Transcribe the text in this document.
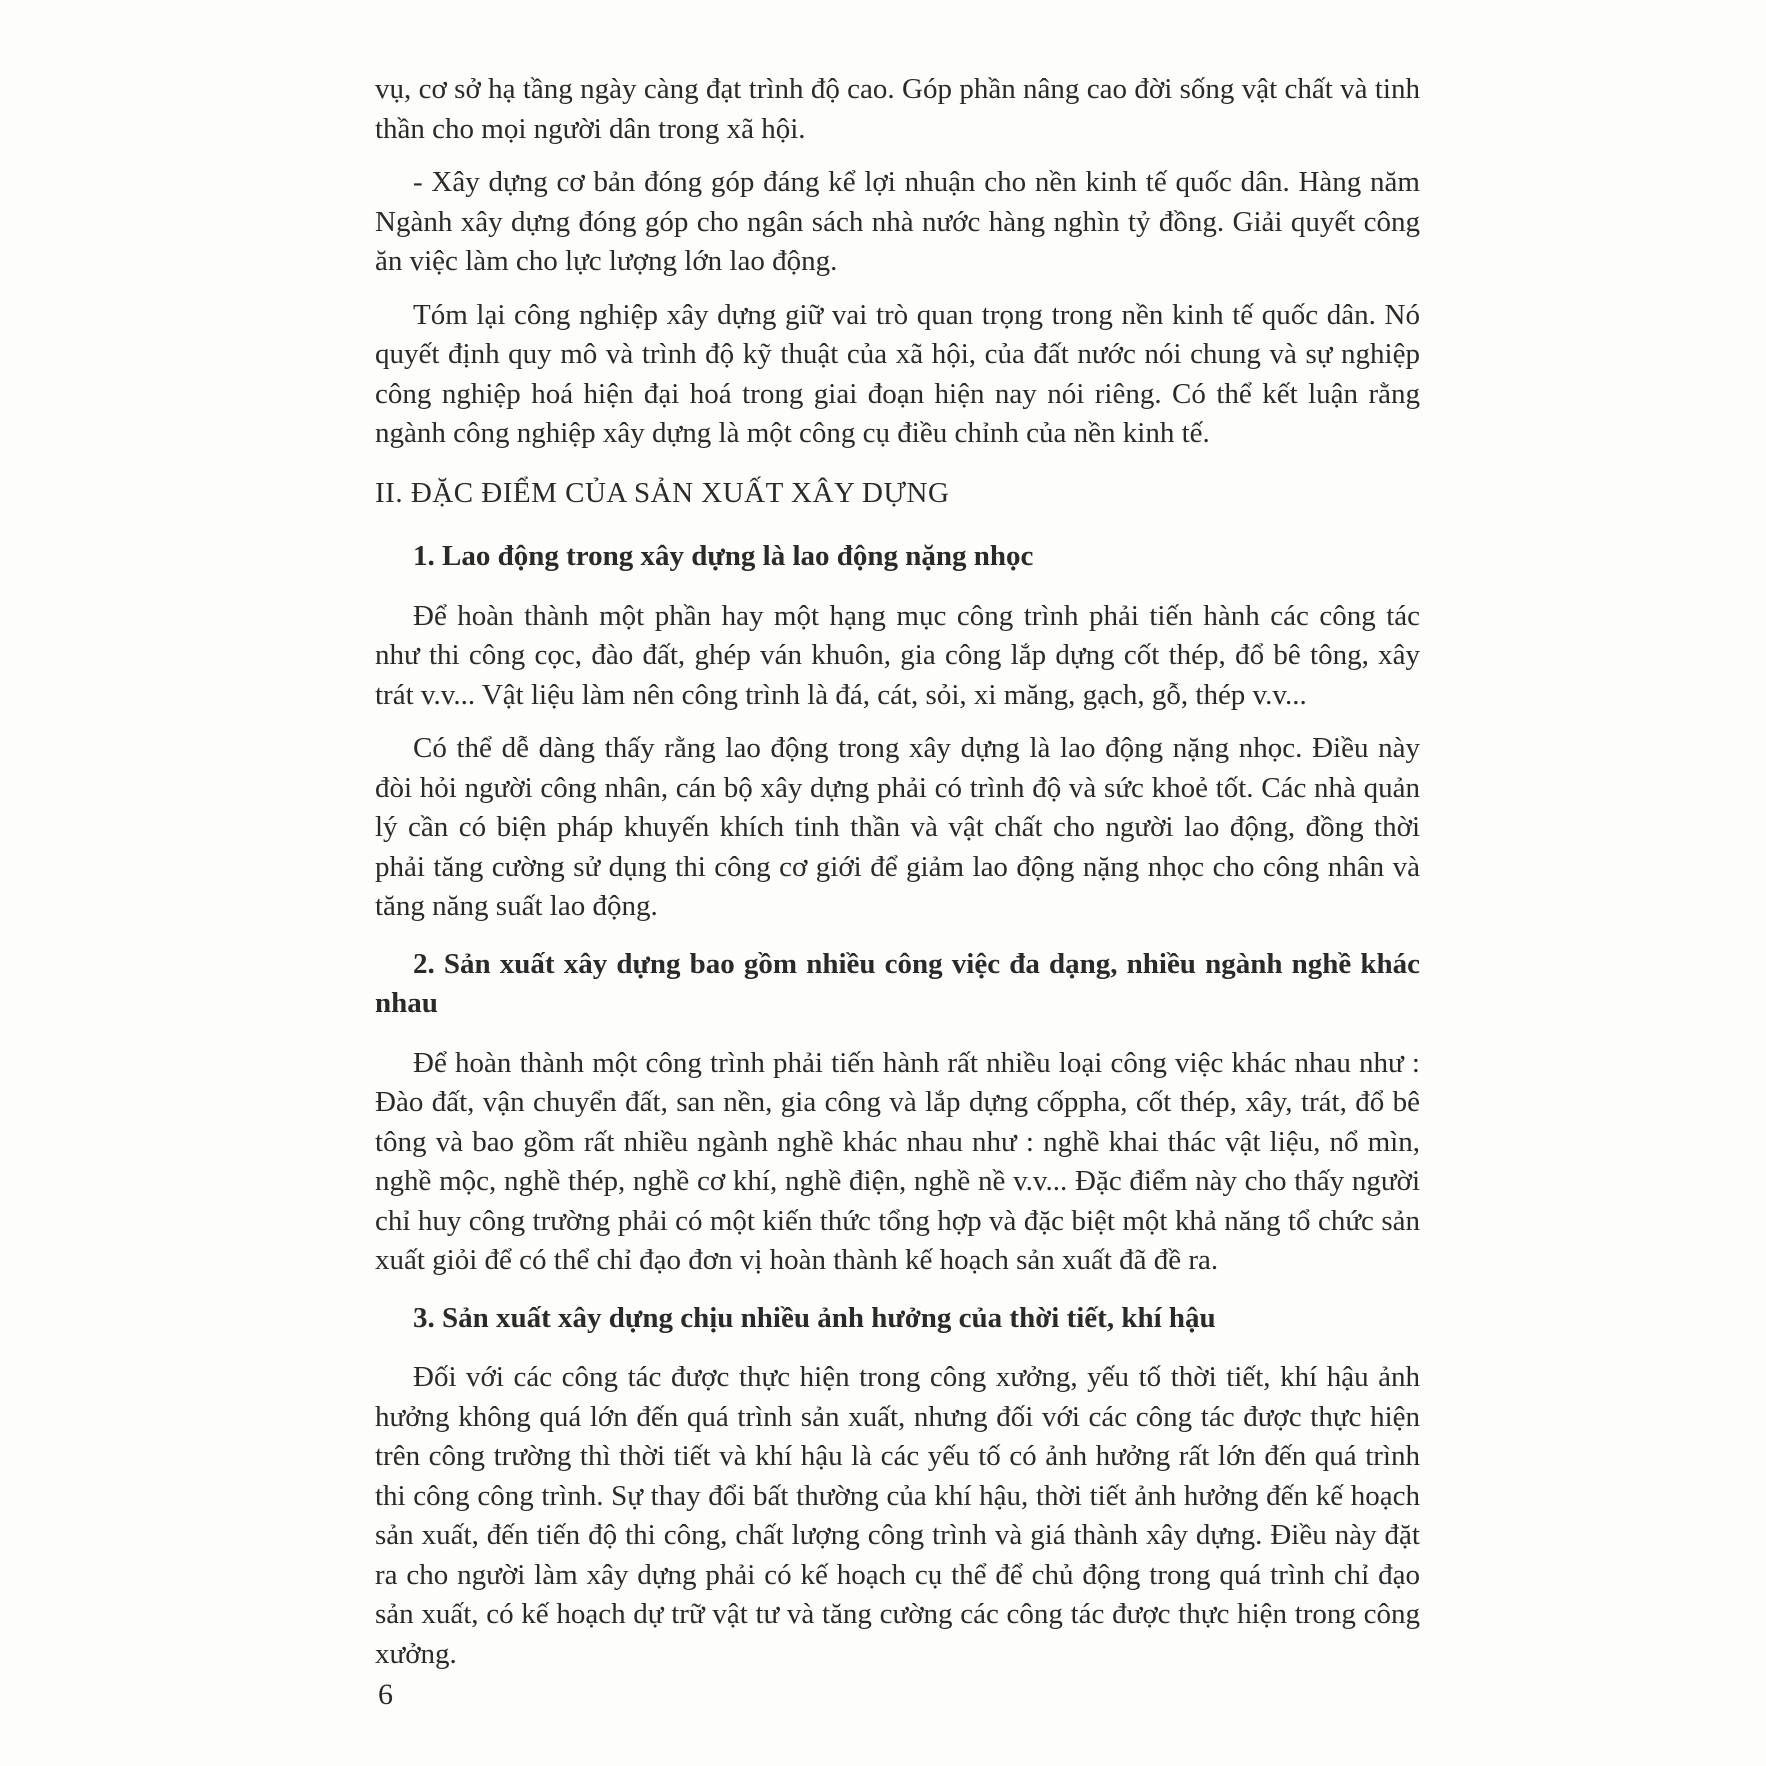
vụ, cơ sở hạ tầng ngày càng đạt trình độ cao. Góp phần nâng cao đời sống vật chất và tinh thần cho mọi người dân trong xã hội.

- Xây dựng cơ bản đóng góp đáng kể lợi nhuận cho nền kinh tế quốc dân. Hàng năm Ngành xây dựng đóng góp cho ngân sách nhà nước hàng nghìn tỷ đồng. Giải quyết công ăn việc làm cho lực lượng lớn lao động.

Tóm lại công nghiệp xây dựng giữ vai trò quan trọng trong nền kinh tế quốc dân. Nó quyết định quy mô và trình độ kỹ thuật của xã hội, của đất nước nói chung và sự nghiệp công nghiệp hoá hiện đại hoá trong giai đoạn hiện nay nói riêng. Có thể kết luận rằng ngành công nghiệp xây dựng là một công cụ điều chỉnh của nền kinh tế.

II. ĐẶC ĐIỂM CỦA SẢN XUẤT XÂY DỰNG

1. Lao động trong xây dựng là lao động nặng nhọc

Để hoàn thành một phần hay một hạng mục công trình phải tiến hành các công tác như thi công cọc, đào đất, ghép ván khuôn, gia công lắp dựng cốt thép, đổ bê tông, xây trát v.v... Vật liệu làm nên công trình là đá, cát, sỏi, xi măng, gạch, gỗ, thép v.v...

Có thể dễ dàng thấy rằng lao động trong xây dựng là lao động nặng nhọc. Điều này đòi hỏi người công nhân, cán bộ xây dựng phải có trình độ và sức khoẻ tốt. Các nhà quản lý cần có biện pháp khuyến khích tinh thần và vật chất cho người lao động, đồng thời phải tăng cường sử dụng thi công cơ giới để giảm lao động nặng nhọc cho công nhân và tăng năng suất lao động.

2. Sản xuất xây dựng bao gồm nhiều công việc đa dạng, nhiều ngành nghề khác nhau

Để hoàn thành một công trình phải tiến hành rất nhiều loại công việc khác nhau như : Đào đất, vận chuyển đất, san nền, gia công và lắp dựng cốppha, cốt thép, xây, trát, đổ bê tông và bao gồm rất nhiều ngành nghề khác nhau như : nghề khai thác vật liệu, nổ mìn, nghề mộc, nghề thép, nghề cơ khí, nghề điện, nghề nề v.v... Đặc điểm này cho thấy người chỉ huy công trường phải có một kiến thức tổng hợp và đặc biệt một khả năng tổ chức sản xuất giỏi để có thể chỉ đạo đơn vị hoàn thành kế hoạch sản xuất đã đề ra.

3. Sản xuất xây dựng chịu nhiều ảnh hưởng của thời tiết, khí hậu

Đối với các công tác được thực hiện trong công xưởng, yếu tố thời tiết, khí hậu ảnh hưởng không quá lớn đến quá trình sản xuất, nhưng đối với các công tác được thực hiện trên công trường thì thời tiết và khí hậu là các yếu tố có ảnh hưởng rất lớn đến quá trình thi công công trình. Sự thay đổi bất thường của khí hậu, thời tiết ảnh hưởng đến kế hoạch sản xuất, đến tiến độ thi công, chất lượng công trình và giá thành xây dựng. Điều này đặt ra cho người làm xây dựng phải có kế hoạch cụ thể để chủ động trong quá trình chỉ đạo sản xuất, có kế hoạch dự trữ vật tư và tăng cường các công tác được thực hiện trong công xưởng.

6
